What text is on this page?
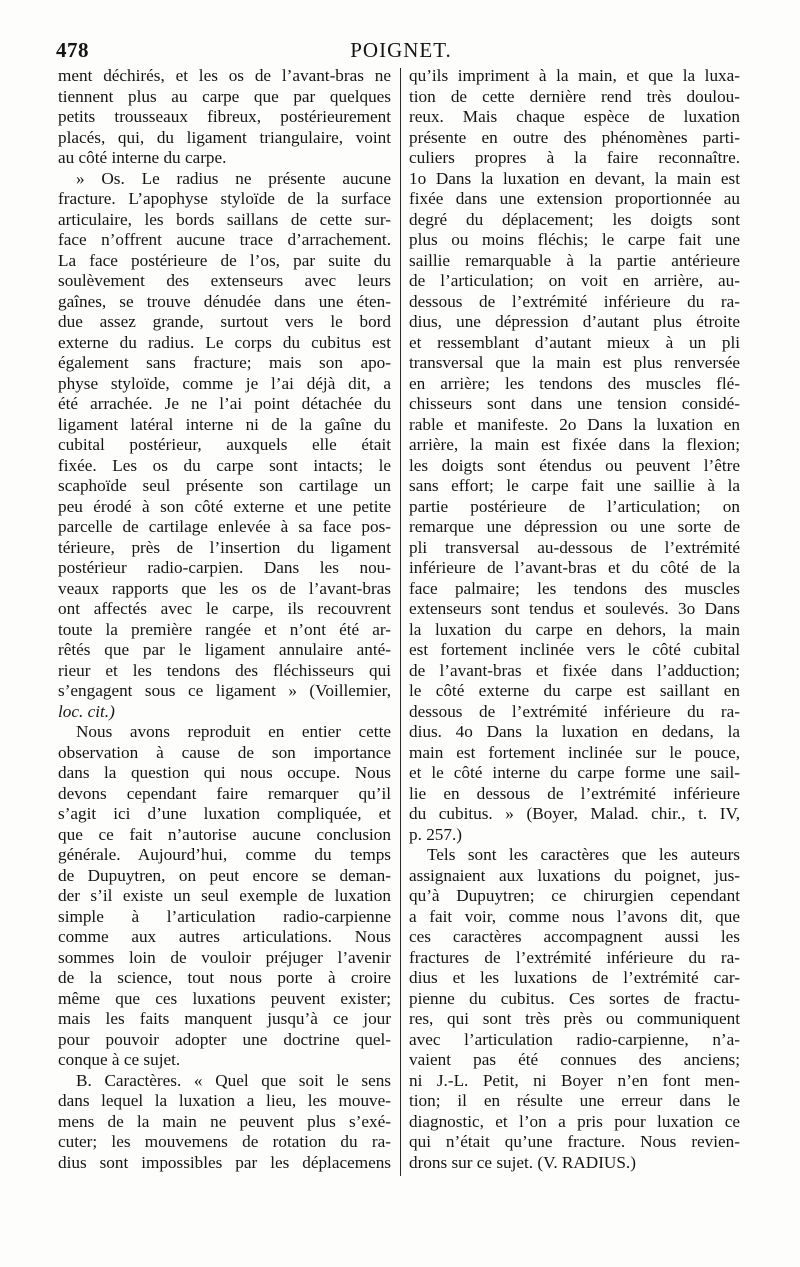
478	POIGNET.
ment déchirés, et les os de l’avant-bras ne
tiennent plus au carpe que par quelques
petits trousseaux fibreux, postérieurement
placés, qui, du ligament triangulaire, voint
au côté interne du carpe.
» Os. Le radius ne présente aucune
fracture. L’apophyse styloïde de la surface
articulaire, les bords saillans de cette sur-
face n’offrent aucune trace d’arrachement.
La face postérieure de l’os, par suite du
soulèvement des extenseurs avec leurs
gaînes, se trouve dénudée dans une éten-
due assez grande, surtout vers le bord
externe du radius. Le corps du cubitus est
également sans fracture; mais son apo-
physe styloïde, comme je l’ai déjà dit, a
été arrachée. Je ne l’ai point détachée du
ligament latéral interne ni de la gaîne du
cubital postérieur, auxquels elle était
fixée. Les os du carpe sont intacts; le
scaphoïde seul présente son cartilage un
peu érodé à son côté externe et une petite
parcelle de cartilage enlevée à sa face pos-
térieure, près de l’insertion du ligament
postérieur radio-carpien. Dans les nou-
veaux rapports que les os de l’avant-bras
ont affectés avec le carpe, ils recouvrent
toute la première rangée et n’ont été ar-
rêtés que par le ligament annulaire anté-
rieur et les tendons des fléchisseurs qui
s’engagent sous ce ligament » (Voillemier,
loc. cit.)
Nous avons reproduit en entier cette
observation à cause de son importance
dans la question qui nous occupe. Nous
devons cependant faire remarquer qu’il
s’agit ici d’une luxation compliquée, et
que ce fait n’autorise aucune conclusion
générale. Aujourd’hui, comme du temps
de Dupuytren, on peut encore se deman-
der s’il existe un seul exemple de luxation
simple à l’articulation radio-carpienne
comme aux autres articulations. Nous
sommes loin de vouloir préjuger l’avenir
de la science, tout nous porte à croire
même que ces luxations peuvent exister;
mais les faits manquent jusqu’à ce jour
pour pouvoir adopter une doctrine quel-
conque à ce sujet.
B. Caractères. « Quel que soit le sens
dans lequel la luxation a lieu, les mouve-
mens de la main ne peuvent plus s’exé-
cuter; les mouvemens de rotation du ra-
dius sont impossibles par les déplacemens
qu’ils impriment à la main, et que la luxa-
tion de cette dernière rend très doulou-
reux. Mais chaque espèce de luxation
présente en outre des phénomènes parti-
culiers propres à la faire reconnaître.
1o Dans la luxation en devant, la main est
fixée dans une extension proportionnée au
degré du déplacement; les doigts sont
plus ou moins fléchis; le carpe fait une
saillie remarquable à la partie antérieure
de l’articulation; on voit en arrière, au-
dessous de l’extrémité inférieure du ra-
dius, une dépression d’autant plus étroite
et ressemblant d’autant mieux à un pli
transversal que la main est plus renversée
en arrière; les tendons des muscles flé-
chisseurs sont dans une tension considé-
rable et manifeste. 2o Dans la luxation en
arrière, la main est fixée dans la flexion;
les doigts sont étendus ou peuvent l’être
sans effort; le carpe fait une saillie à la
partie postérieure de l’articulation; on
remarque une dépression ou une sorte de
pli transversal au-dessous de l’extrémité
inférieure de l’avant-bras et du côté de la
face palmaire; les tendons des muscles
extenseurs sont tendus et soulevés. 3o Dans
la luxation du carpe en dehors, la main
est fortement inclinée vers le côté cubital
de l’avant-bras et fixée dans l’adduction;
le côté externe du carpe est saillant en
dessous de l’extrémité inférieure du ra-
dius. 4o Dans la luxation en dedans, la
main est fortement inclinée sur le pouce,
et le côté interne du carpe forme une sail-
lie en dessous de l’extrémité inférieure
du cubitus. » (Boyer, Malad. chir., t. IV,
p. 257.)
Tels sont les caractères que les auteurs
assignaient aux luxations du poignet, jus-
qu’à Dupuytren; ce chirurgien cependant
a fait voir, comme nous l’avons dit, que
ces caractères accompagnent aussi les
fractures de l’extrémité inférieure du ra-
dius et les luxations de l’extrémité car-
pienne du cubitus. Ces sortes de fractu-
res, qui sont très près ou communiquent
avec l’articulation radio-carpienne, n’a-
vaient pas été connues des anciens;
ni J.-L. Petit, ni Boyer n’en font men-
tion; il en résulte une erreur dans le
diagnostic, et l’on a pris pour luxation ce
qui n’était qu’une fracture. Nous revien-
drons sur ce sujet. (V. RADIUS.)
